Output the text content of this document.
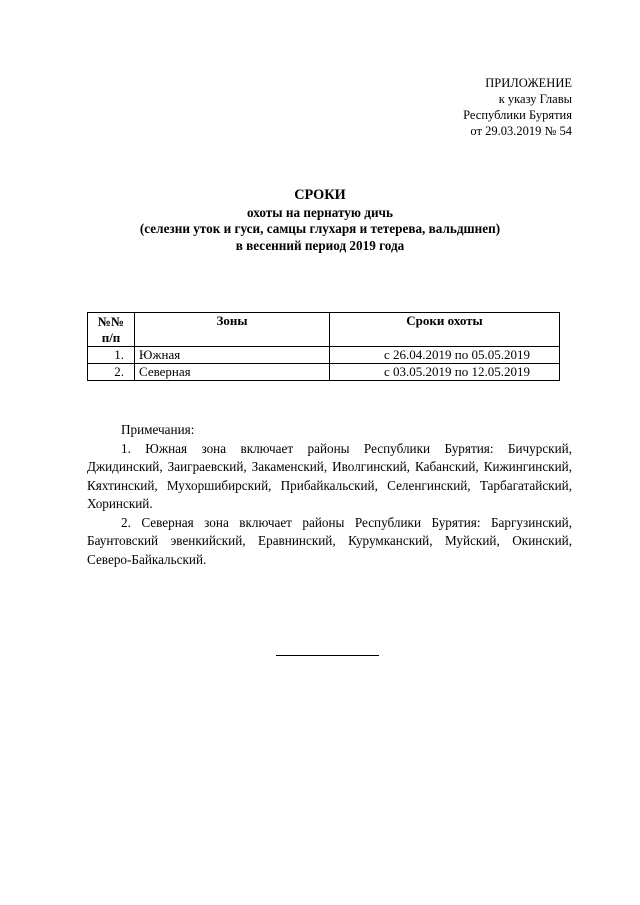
ПРИЛОЖЕНИЕ
к указу Главы
Республики Бурятия
от 29.03.2019 № 54
СРОКИ
охоты на пернатую дичь
(селезни уток и гуси, самцы глухаря и тетерева, вальдшнеп)
в весенний период 2019 года
№№
п/п	Зоны	Сроки охоты
1.	Южная	с 26.04.2019 по 05.05.2019
2.	Северная	с 03.05.2019 по 12.05.2019

Примечания:

1. Южная зона включает районы Республики Бурятия: Бичурский, Джидинский, Заиграевский, Закаменский, Иволгинский, Кабанский, Кижингинский, Кяхтинский, Мухоршибирский, Прибайкальский, Селенгинский, Тарбагатайский, Хоринский.

2. Северная зона включает районы Республики Бурятия: Баргузинский, Баунтовский эвенкийский, Еравнинский, Курумканский, Муйский, Окинский, Северо-Байкальский.
